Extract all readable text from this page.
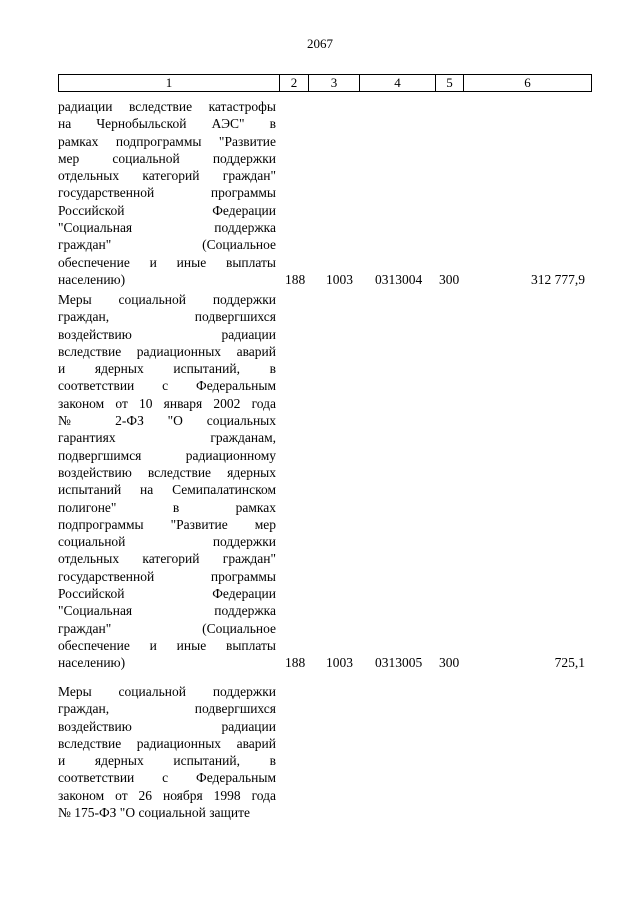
2067
1	2	3	4	5	6
радиации вследствие катастрофы
на Чернобыльской АЭС" в
рамках подпрограммы "Развитие
мер социальной поддержки
отдельных категорий граждан"
государственной программы
Российской Федерации
"Социальная поддержка
граждан" (Социальное
обеспечение и иные выплаты
населению)	188 1003 0313004 300	312 777,9
Меры социальной поддержки
граждан, подвергшихся
воздействию радиации
вследствие радиационных аварий
и ядерных испытаний, в
соответствии с Федеральным
законом от 10 января 2002 года
№ 2-ФЗ "О социальных
гарантиях гражданам,
подвергшимся радиационному
воздействию вследствие ядерных
испытаний на Семипалатинском
полигоне" в рамках
подпрограммы "Развитие мер
социальной поддержки
отдельных категорий граждан"
государственной программы
Российской Федерации
"Социальная поддержка
граждан" (Социальное
обеспечение и иные выплаты
населению)	188 1003 0313005 300	725,1
Меры социальной поддержки
граждан, подвергшихся
воздействию радиации
вследствие радиационных аварий
и ядерных испытаний, в
соответствии с Федеральным
законом от 26 ноября 1998 года
№ 175-ФЗ "О социальной защите
